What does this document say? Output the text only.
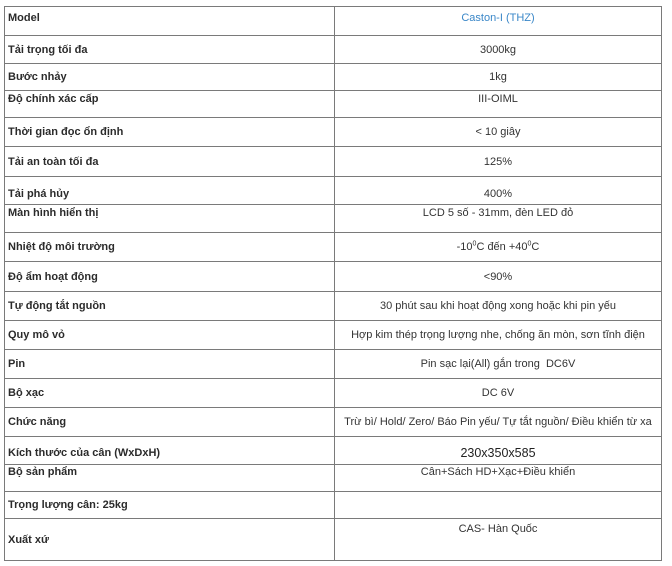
Model	Caston-I (THZ)
Tải trọng tối đa	3000kg
Bước nhảy	1kg
Độ chính xác cấp	III-OIML
Thời gian đọc ổn định	< 10 giây
Tải an toàn tối đa	125%
Tải phá hủy	400%
Màn hình hiển thị	LCD 5 số - 31mm, đèn LED đỏ
Nhiệt độ môi trường	$-10^0C$ đến $+40^0C$
Độ ẩm hoạt động	<90%
Tự động tắt nguồn	30 phút sau khi hoạt động xong hoặc khi pin yếu
Quy mô vỏ	Hợp kim thép trọng lượng nhe, chống ăn mòn, sơn tĩnh điện
Pin	Pin sạc lại(All) gắn trong  DC6V
Bộ xạc	DC 6V
Chức năng	Trừ bì/ Hold/ Zero/ Báo Pin yếu/ Tự tắt nguồn/ Điều khiển từ xa
Kích thước của cân (WxDxH)	230x350x585
Bộ sản phẩm	Cân+Sách HD+Xạc+Điều khiển
Trọng lượng cân: 25kg	
Xuất xứ	CAS- Hàn Quốc
